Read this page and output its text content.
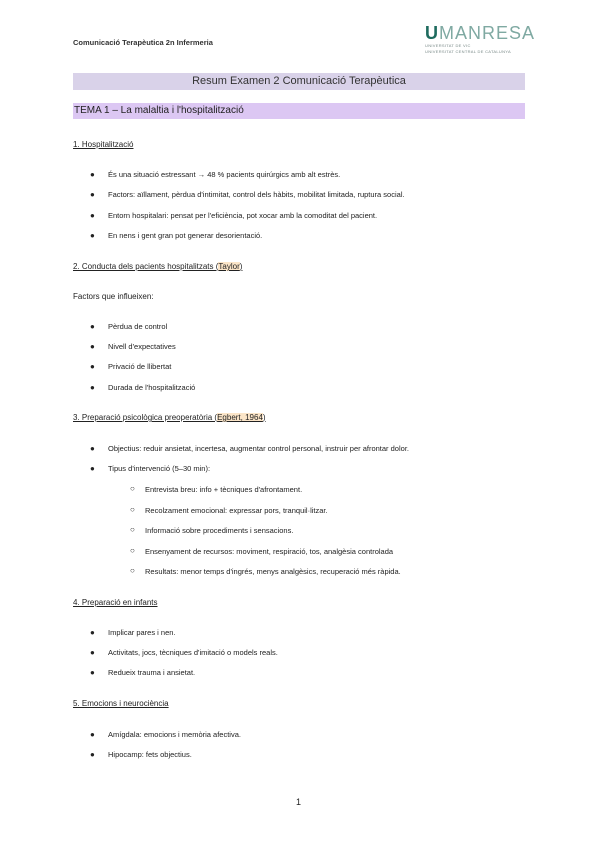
Comunicació Terapèutica 2n Infermeria	UMANRESA
UNIVERSITAT DE VIC
UNIVERSITAT CENTRAL DE CATALUNYA
Resum Examen 2 Comunicació Terapèutica
TEMA 1 – La malaltia i l'hospitalització
1. Hospitalització
● És una situació estressant → 48 % pacients quirúrgics amb alt estrès.
● Factors: aïllament, pèrdua d'intimitat, control dels hàbits, mobilitat limitada, ruptura social.
● Entorn hospitalari: pensat per l'eficiència, pot xocar amb la comoditat del pacient.
● En nens i gent gran pot generar desorientació.
2. Conducta dels pacients hospitalitzats (Taylor)
Factors que influeixen:
● Pèrdua de control
● Nivell d'expectatives
● Privació de llibertat
● Durada de l'hospitalització
3. Preparació psicològica preoperatòria (Egbert, 1964)
● Objectius: reduir ansietat, incertesa, augmentar control personal, instruir per afrontar dolor.
● Tipus d'intervenció (5–30 min):
○ Entrevista breu: info + tècniques d'afrontament.
○ Recolzament emocional: expressar pors, tranquil·litzar.
○ Informació sobre procediments i sensacions.
○ Ensenyament de recursos: moviment, respiració, tos, analgèsia controlada
○ Resultats: menor temps d'ingrés, menys analgèsics, recuperació més ràpida.
4. Preparació en infants
● Implicar pares i nen.
● Activitats, jocs, tècniques d'imitació o models reals.
● Redueix trauma i ansietat.
5. Emocions i neurociència
● Amígdala: emocions i memòria afectiva.
● Hipocamp: fets objectius.
1
